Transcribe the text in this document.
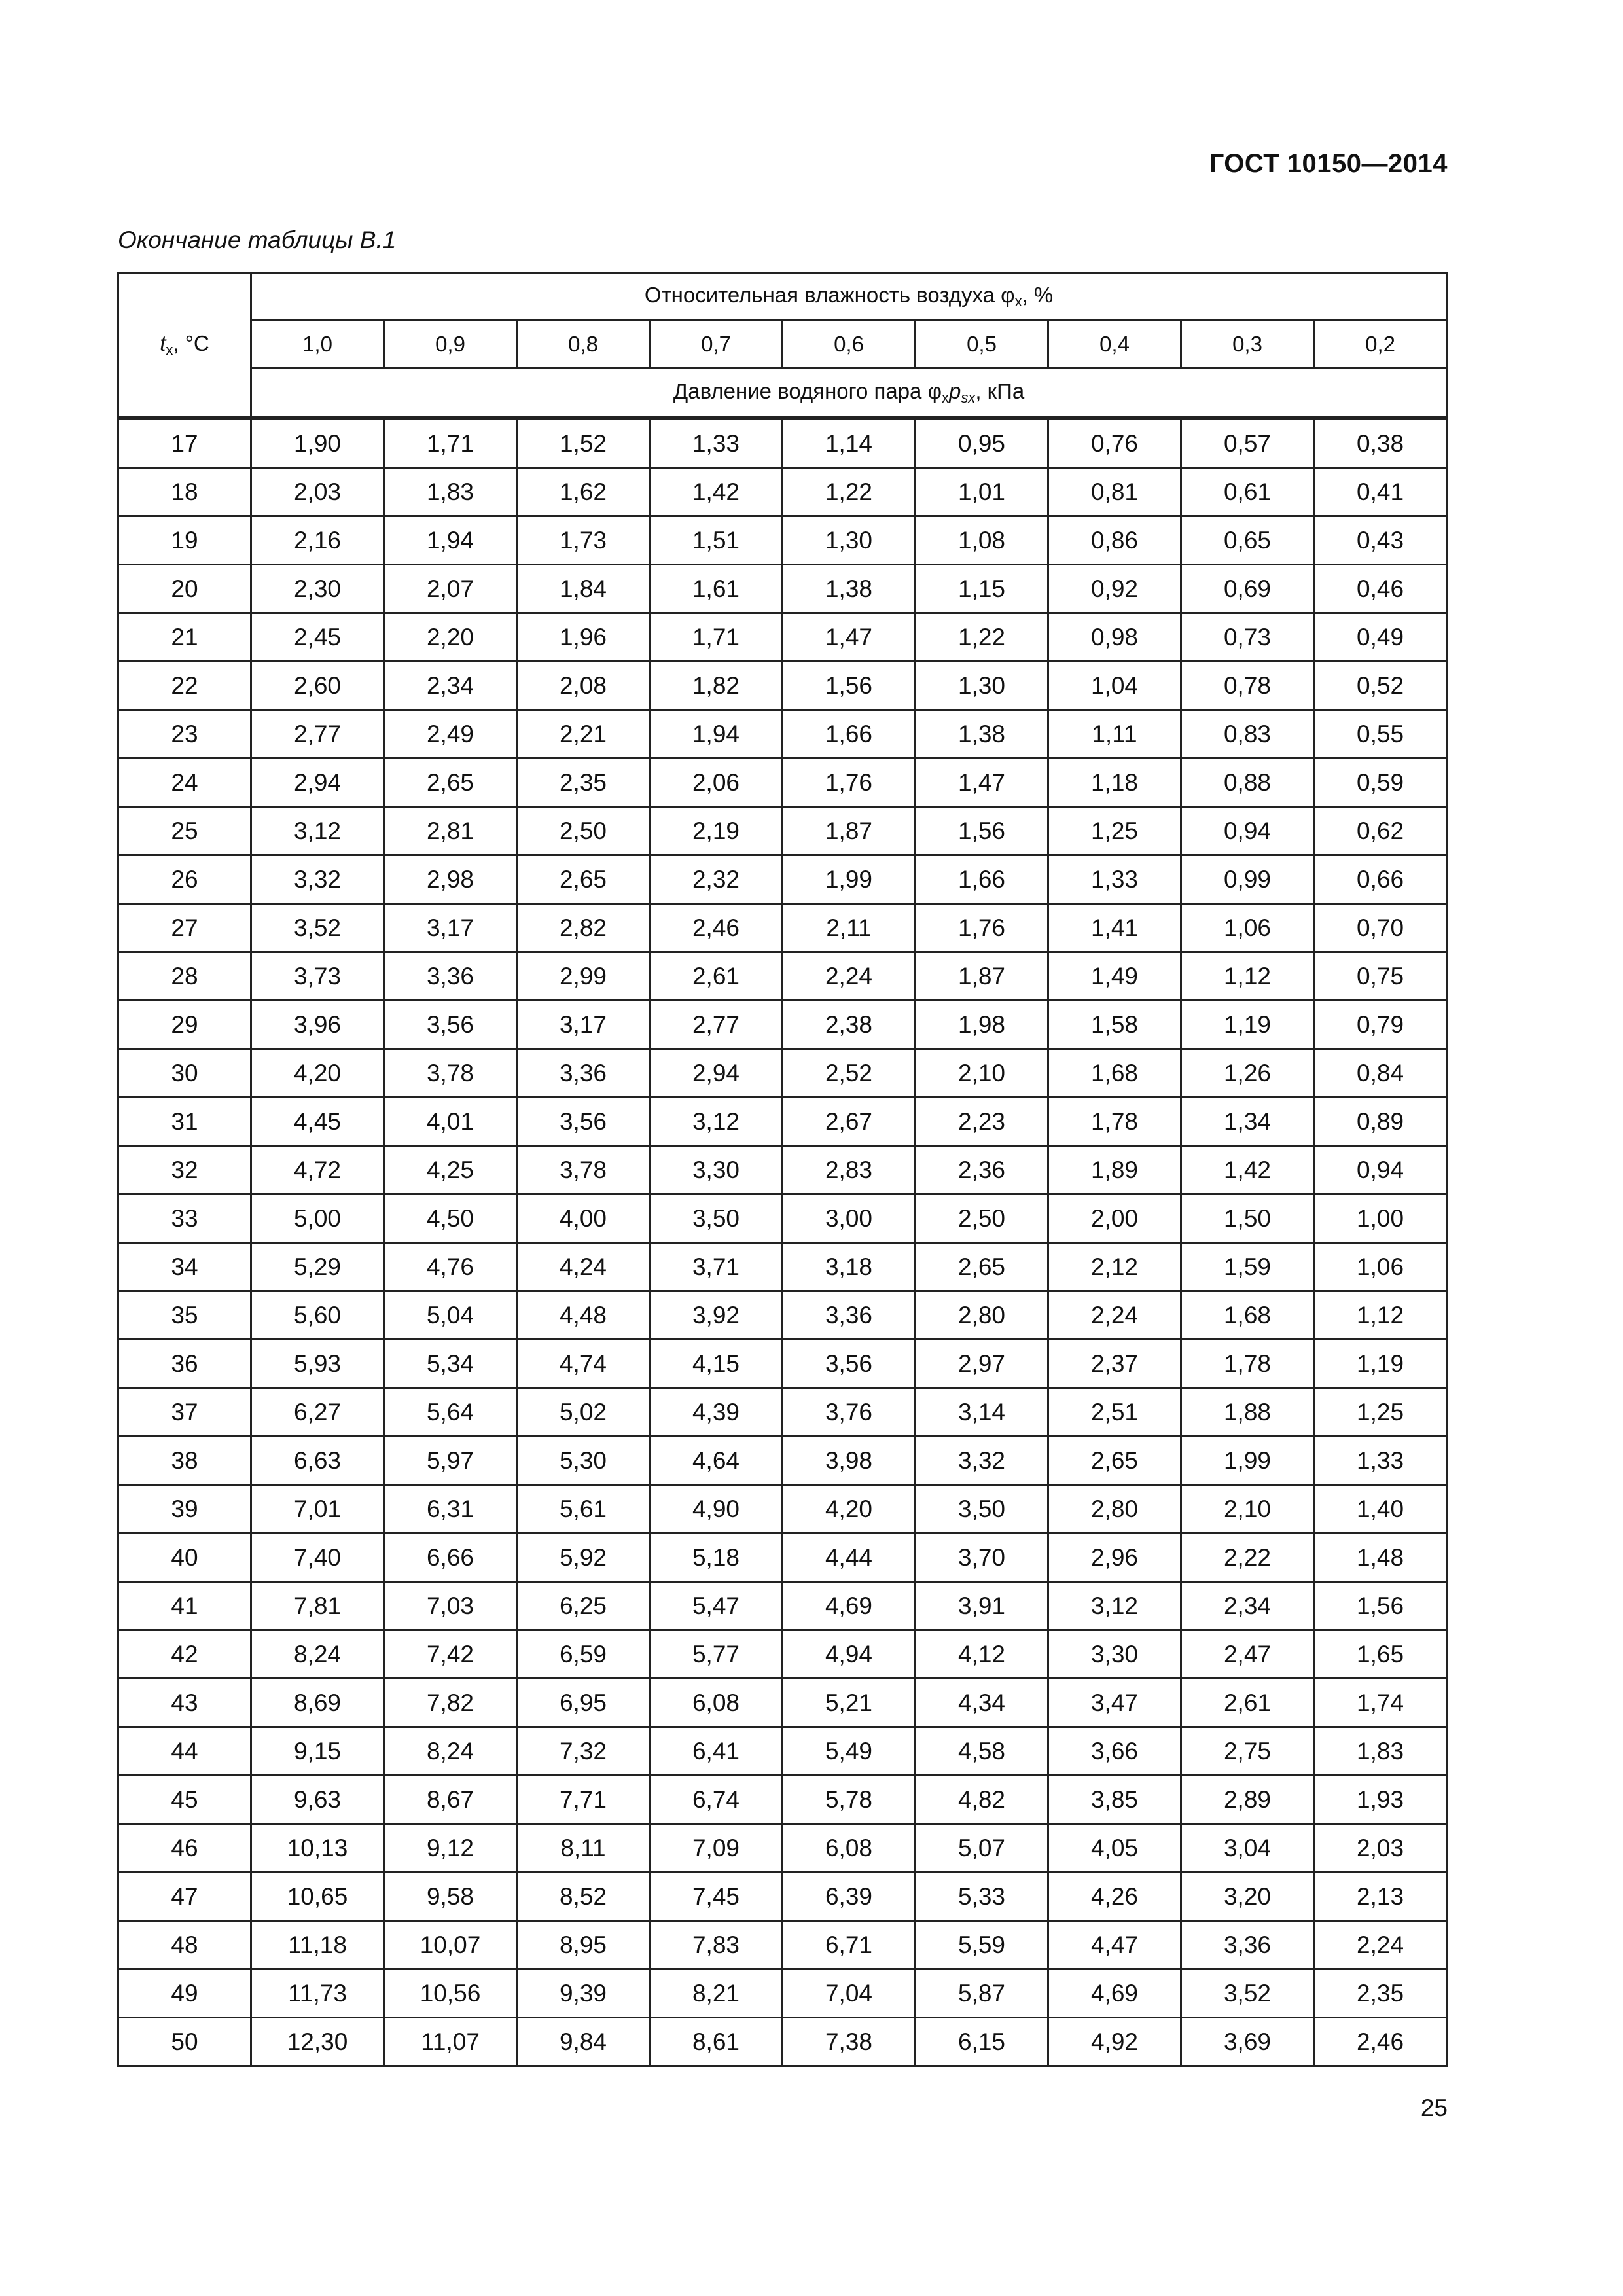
ГОСТ 10150—2014
Окончание таблицы В.1
$t_x$, °С	Относительная влажность воздуха $\varphi_x$, %								
	1,0	0,9	0,8	0,7	0,6	0,5	0,4	0,3	0,2
	Давление водяного пара $\varphi_xp_{sx}$, кПа								
17	1,90	1,71	1,52	1,33	1,14	0,95	0,76	0,57	0,38
18	2,03	1,83	1,62	1,42	1,22	1,01	0,81	0,61	0,41
19	2,16	1,94	1,73	1,51	1,30	1,08	0,86	0,65	0,43
20	2,30	2,07	1,84	1,61	1,38	1,15	0,92	0,69	0,46
21	2,45	2,20	1,96	1,71	1,47	1,22	0,98	0,73	0,49
22	2,60	2,34	2,08	1,82	1,56	1,30	1,04	0,78	0,52
23	2,77	2,49	2,21	1,94	1,66	1,38	1,11	0,83	0,55
24	2,94	2,65	2,35	2,06	1,76	1,47	1,18	0,88	0,59
25	3,12	2,81	2,50	2,19	1,87	1,56	1,25	0,94	0,62
26	3,32	2,98	2,65	2,32	1,99	1,66	1,33	0,99	0,66
27	3,52	3,17	2,82	2,46	2,11	1,76	1,41	1,06	0,70
28	3,73	3,36	2,99	2,61	2,24	1,87	1,49	1,12	0,75
29	3,96	3,56	3,17	2,77	2,38	1,98	1,58	1,19	0,79
30	4,20	3,78	3,36	2,94	2,52	2,10	1,68	1,26	0,84
31	4,45	4,01	3,56	3,12	2,67	2,23	1,78	1,34	0,89
32	4,72	4,25	3,78	3,30	2,83	2,36	1,89	1,42	0,94
33	5,00	4,50	4,00	3,50	3,00	2,50	2,00	1,50	1,00
34	5,29	4,76	4,24	3,71	3,18	2,65	2,12	1,59	1,06
35	5,60	5,04	4,48	3,92	3,36	2,80	2,24	1,68	1,12
36	5,93	5,34	4,74	4,15	3,56	2,97	2,37	1,78	1,19
37	6,27	5,64	5,02	4,39	3,76	3,14	2,51	1,88	1,25
38	6,63	5,97	5,30	4,64	3,98	3,32	2,65	1,99	1,33
39	7,01	6,31	5,61	4,90	4,20	3,50	2,80	2,10	1,40
40	7,40	6,66	5,92	5,18	4,44	3,70	2,96	2,22	1,48
41	7,81	7,03	6,25	5,47	4,69	3,91	3,12	2,34	1,56
42	8,24	7,42	6,59	5,77	4,94	4,12	3,30	2,47	1,65
43	8,69	7,82	6,95	6,08	5,21	4,34	3,47	2,61	1,74
44	9,15	8,24	7,32	6,41	5,49	4,58	3,66	2,75	1,83
45	9,63	8,67	7,71	6,74	5,78	4,82	3,85	2,89	1,93
46	10,13	9,12	8,11	7,09	6,08	5,07	4,05	3,04	2,03
47	10,65	9,58	8,52	7,45	6,39	5,33	4,26	3,20	2,13
48	11,18	10,07	8,95	7,83	6,71	5,59	4,47	3,36	2,24
49	11,73	10,56	9,39	8,21	7,04	5,87	4,69	3,52	2,35
50	12,30	11,07	9,84	8,61	7,38	6,15	4,92	3,69	2,46
25
